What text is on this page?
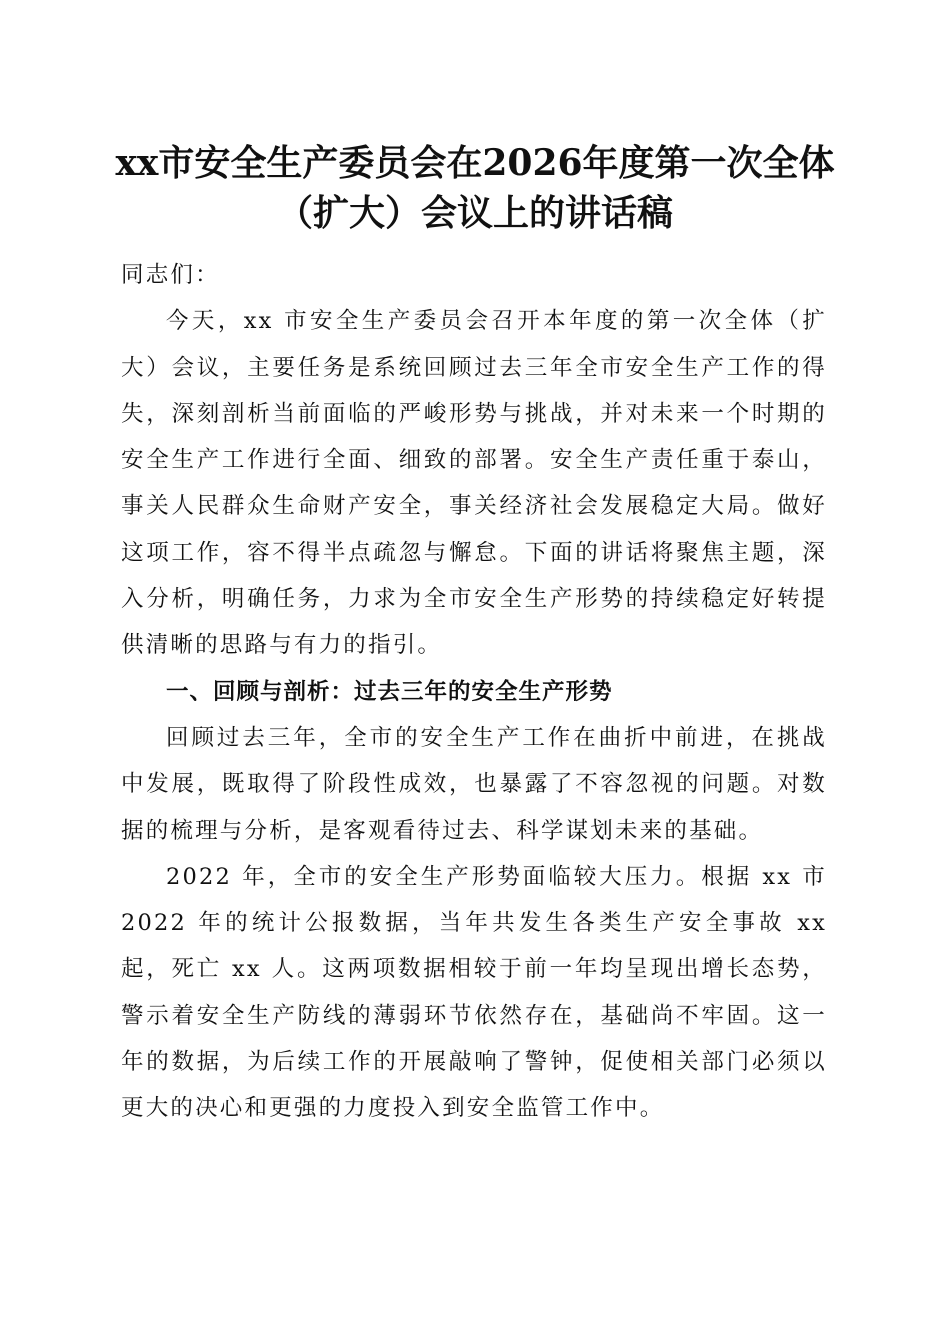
xx市安全生产委员会在2026年度第一次全体
（扩大）会议上的讲话稿

同志们：

今天，xx 市安全生产委员会召开本年度的第一次全体（扩大）会议，主要任务是系统回顾过去三年全市安全生产工作的得失，深刻剖析当前面临的严峻形势与挑战，并对未来一个时期的安全生产工作进行全面、细致的部署。安全生产责任重于泰山，事关人民群众生命财产安全，事关经济社会发展稳定大局。做好这项工作，容不得半点疏忽与懈怠。下面的讲话将聚焦主题，深入分析，明确任务，力求为全市安全生产形势的持续稳定好转提供清晰的思路与有力的指引。

一、回顾与剖析：过去三年的安全生产形势

回顾过去三年，全市的安全生产工作在曲折中前进，在挑战中发展，既取得了阶段性成效，也暴露了不容忽视的问题。对数据的梳理与分析，是客观看待过去、科学谋划未来的基础。

2022 年，全市的安全生产形势面临较大压力。根据 xx 市 2022 年的统计公报数据，当年共发生各类生产安全事故 xx 起，死亡 xx 人。这两项数据相较于前一年均呈现出增长态势，警示着安全生产防线的薄弱环节依然存在，基础尚不牢固。这一年的数据，为后续工作的开展敲响了警钟，促使相关部门必须以更大的决心和更强的力度投入到安全监管工作中。
